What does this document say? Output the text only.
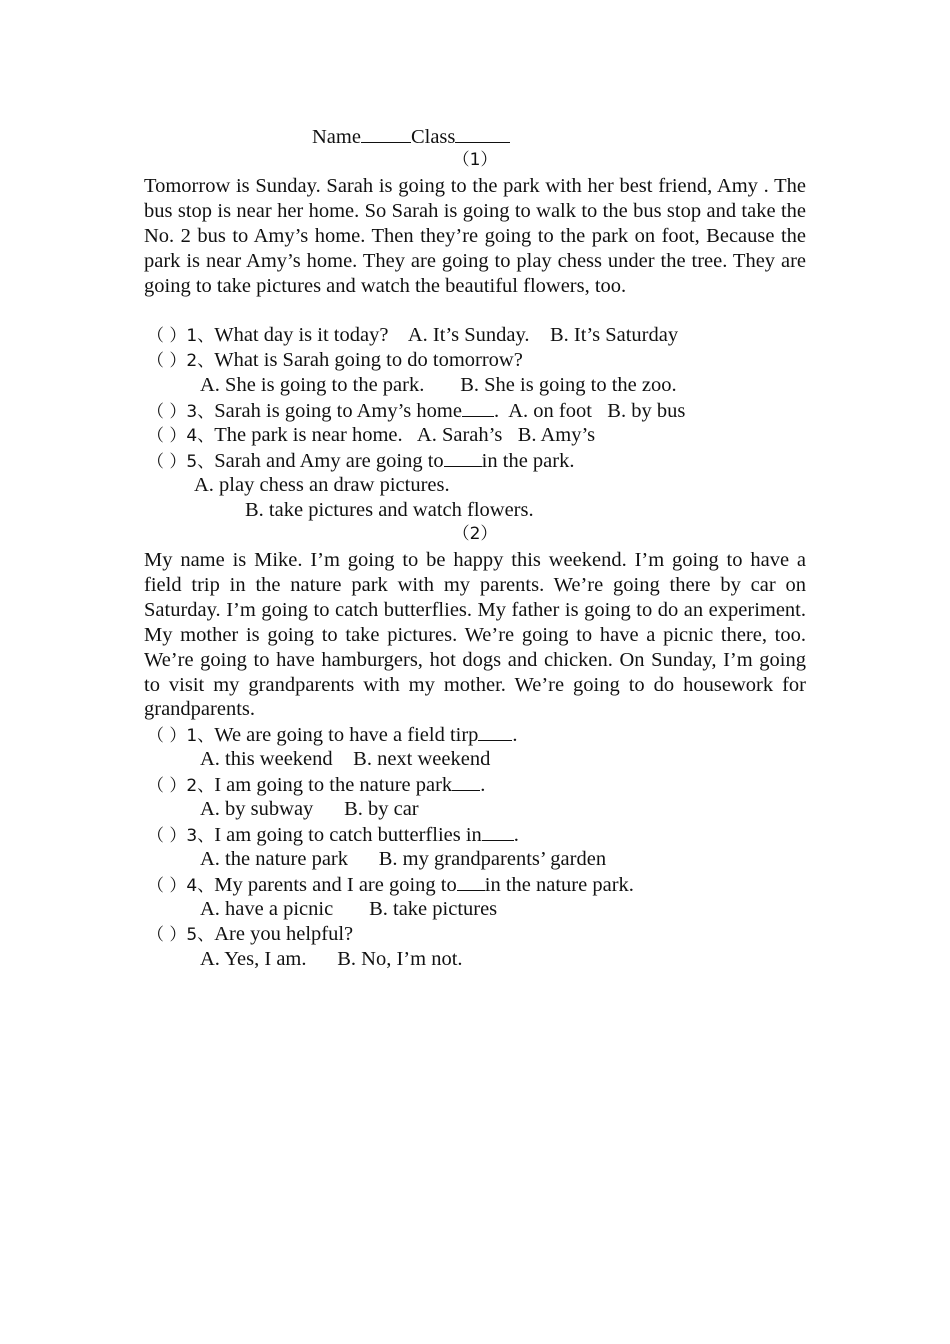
Name Class
（1）
Tomorrow is Sunday. Sarah is going to the park with her best friend, Amy . The bus stop is near her home. So Sarah is going to walk to the bus stop and take the No. 2 bus to Amy’s home. Then they’re going to the park on foot, Because the park is near Amy’s home. They are going to play chess under the tree. They are going to take pictures and watch the beautiful flowers, too.
（ ）1、What day is it today? A. It’s Sunday. B. It’s Saturday
（ ）2、What is Sarah going to do tomorrow?
A. She is going to the park. B. She is going to the zoo.
（ ）3、Sarah is going to Amy’s home . A. on foot B. by bus
（ ）4、The park is near home. A. Sarah’s B. Amy’s
（ ）5、Sarah and Amy are going to in the park.
A. play chess an draw pictures.
B. take pictures and watch flowers.
（2）
My name is Mike. I’m going to be happy this weekend. I’m going to have a field trip in the nature park with my parents. We’re going there by car on Saturday. I’m going to catch butterflies. My father is going to do an experiment. My mother is going to take pictures. We’re going to have a picnic there, too. We’re going to have hamburgers, hot dogs and chicken. On Sunday, I’m going to visit my grandparents with my mother. We’re going to do housework for grandparents.
（ ）1、We are going to have a field tirp .
A. this weekend B. next weekend
（ ）2、I am going to the nature park .
A. by subway B. by car
（ ）3、I am going to catch butterflies in .
A. the nature park B. my grandparents’ garden
（ ）4、My parents and I are going to in the nature park.
A. have a picnic B. take pictures
（ ）5、Are you helpful?
A. Yes, I am. B. No, I’m not.
